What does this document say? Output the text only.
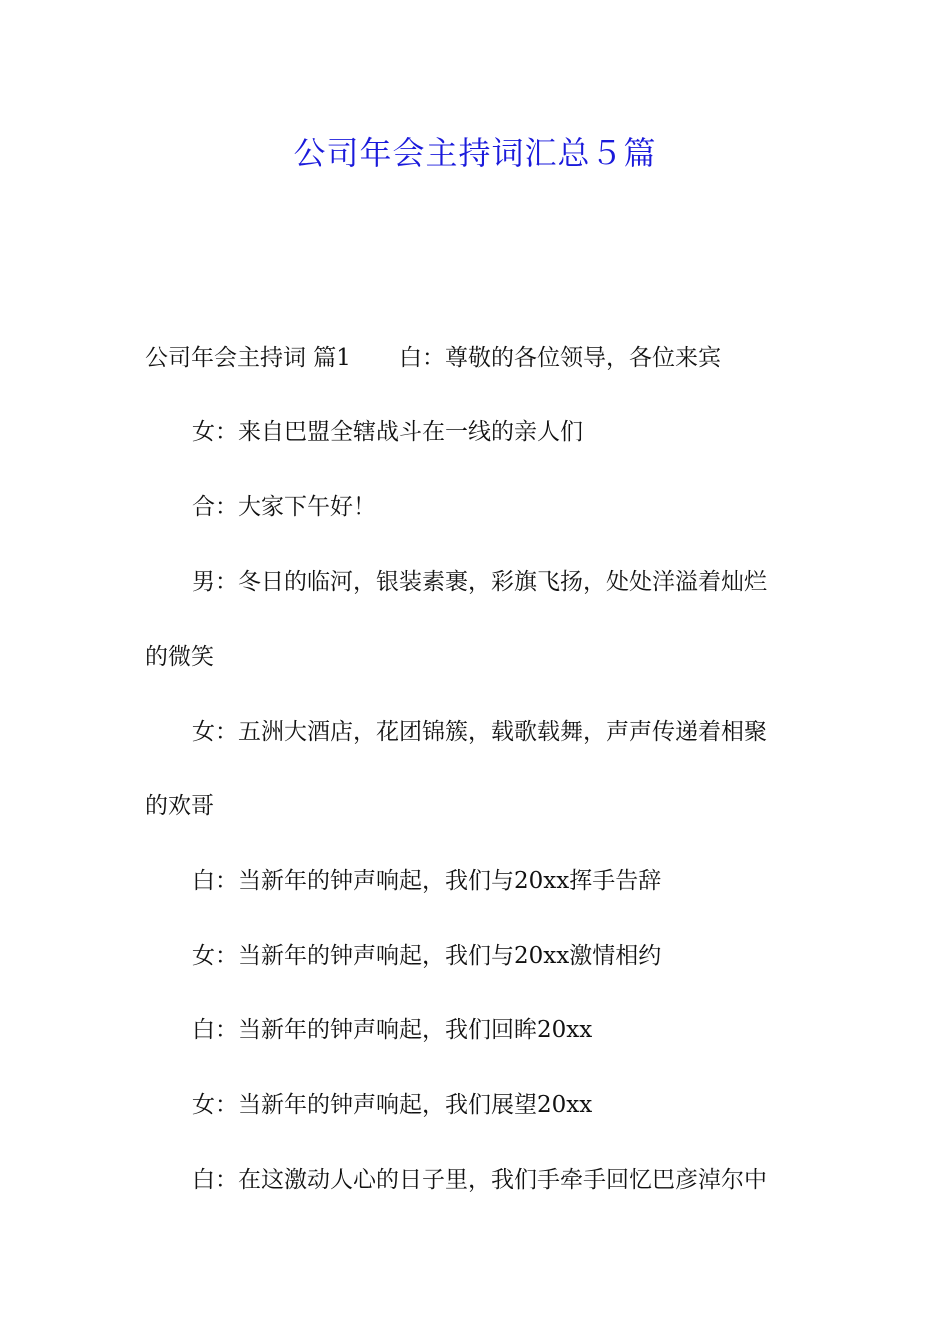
公司年会主持词汇总５篇

公司年会主持词 篇1 白：尊敬的各位领导，各位来宾

女：来自巴盟全辖战斗在一线的亲人们

合：大家下午好！

男：冬日的临河，银装素裹，彩旗飞扬，处处洋溢着灿烂

的微笑

女：五洲大酒店，花团锦簇，载歌载舞，声声传递着相聚

的欢哥

白：当新年的钟声响起，我们与20xx挥手告辞

女：当新年的钟声响起，我们与20xx激情相约

白：当新年的钟声响起，我们回眸20xx

女：当新年的钟声响起，我们展望20xx

白：在这激动人心的日子里，我们手牵手回忆巴彦淖尔中
